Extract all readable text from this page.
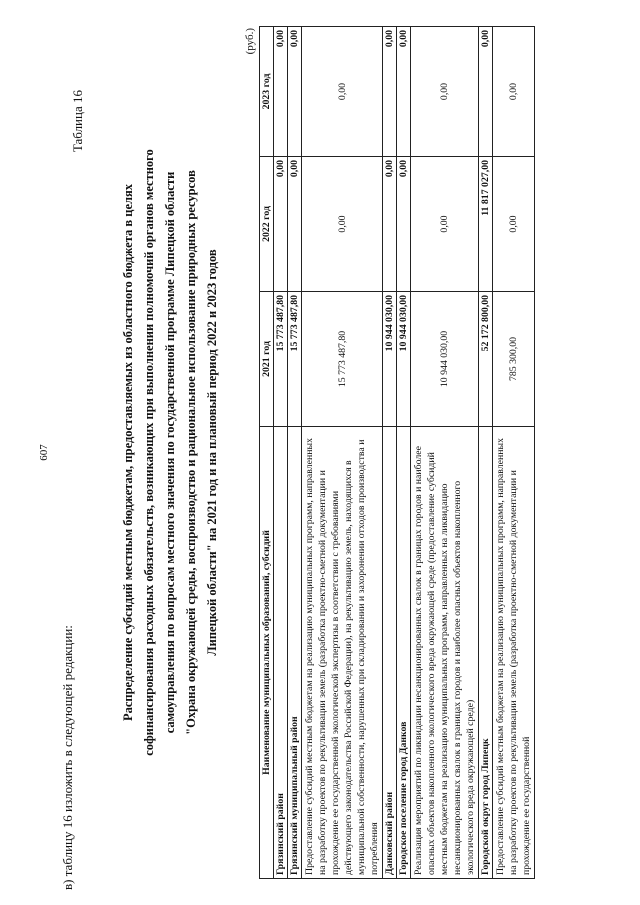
607
в) таблицу 16 изложить в следующей редакции:
Таблица 16
Распределение субсидий местным бюджетам, предоставляемых из областного бюджета в целях софинансирования расходных обязательств, возникающих при выполнении полномочий органов местного самоуправления по вопросам местного значения по государственной программе Липецкой области "Охрана окружающей среды, воспроизводство и рациональное использование природных ресурсов Липецкой области" на 2021 год и на плановый период 2022 и 2023 годов
(руб.)
Наименование муниципальных образований, субсидий	2021 год	2022 год	2023 год
Грязинский район	15 773 487,80	0,00	0,00
Грязинский муниципальный район	15 773 487,80	0,00	0,00
Предоставление субсидий местным бюджетам на реализацию муниципальных программ, направленных на разработку проектов по рекультивации земель (разработка проектно-сметной документации и прохождение ее государственной экологической экспертизы в соответствии с требованиями действующего законодательства Российской Федерации), на рекультивацию земель, находящихся в муниципальной собственности, нарушенных при складировании и захоронении отходов производства и потребления	15 773 487,80	0,00	0,00
Данковский район	10 944 030,00	0,00	0,00
Городское поселение город Данков	10 944 030,00	0,00	0,00
Реализация мероприятий по ликвидации несанкционированных свалок в границах городов и наиболее опасных объектов накопленного экологического вреда окружающей среде (предоставление субсидий местным бюджетам на реализацию муниципальных программ, направленных на ликвидацию несанкционированных свалок в границах городов и наиболее опасных объектов накопленного экологического вреда окружающей среде)	10 944 030,00	0,00	0,00
Городской округ город Липецк	52 172 800,00	11 817 027,00	0,00
Предоставление субсидий местным бюджетам на реализацию муниципальных программ, направленных на разработку проектов по рекультивации земель (разработка проектно-сметной документации и прохождение ее государственной	785 300,00	0,00	0,00
